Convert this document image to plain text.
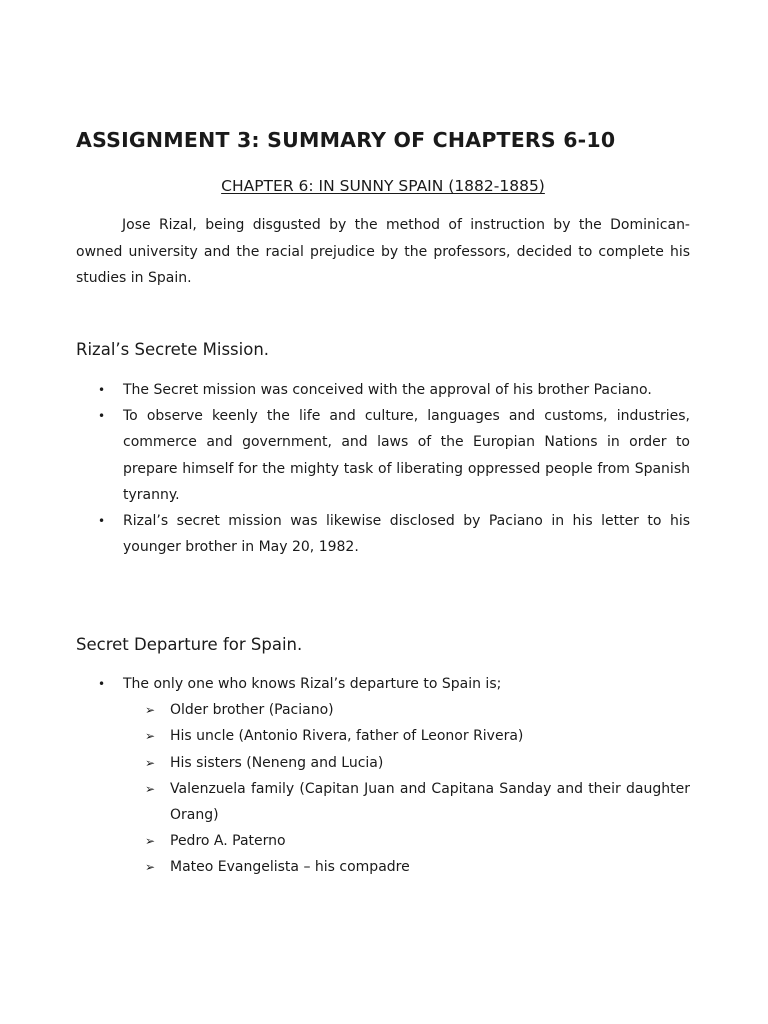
ASSIGNMENT 3: SUMMARY OF CHAPTERS 6-10
CHAPTER 6: IN SUNNY SPAIN (1882-1885)

Jose Rizal, being disgusted by the method of instruction by the Dominican-owned university and the racial prejudice by the professors, decided to complete his studies in Spain.

Rizal’s Secrete Mission.
• The Secret mission was conceived with the approval of his brother Paciano.
• To observe keenly the life and culture, languages and customs, industries, commerce and government, and laws of the Europian Nations in order to prepare himself for the mighty task of liberating oppressed people from Spanish tyranny.
• Rizal’s secret mission was likewise disclosed by Paciano in his letter to his younger brother in May 20, 1982.
Secret Departure for Spain.
• The only one who knows Rizal’s departure to Spain is;
➢ Older brother (Paciano)
➢ His uncle (Antonio Rivera, father of Leonor Rivera)
➢ His sisters (Neneng and Lucia)
➢ Valenzuela family (Capitan Juan and Capitana Sanday and their daughter Orang)
➢ Pedro A. Paterno
➢ Mateo Evangelista – his compadre
